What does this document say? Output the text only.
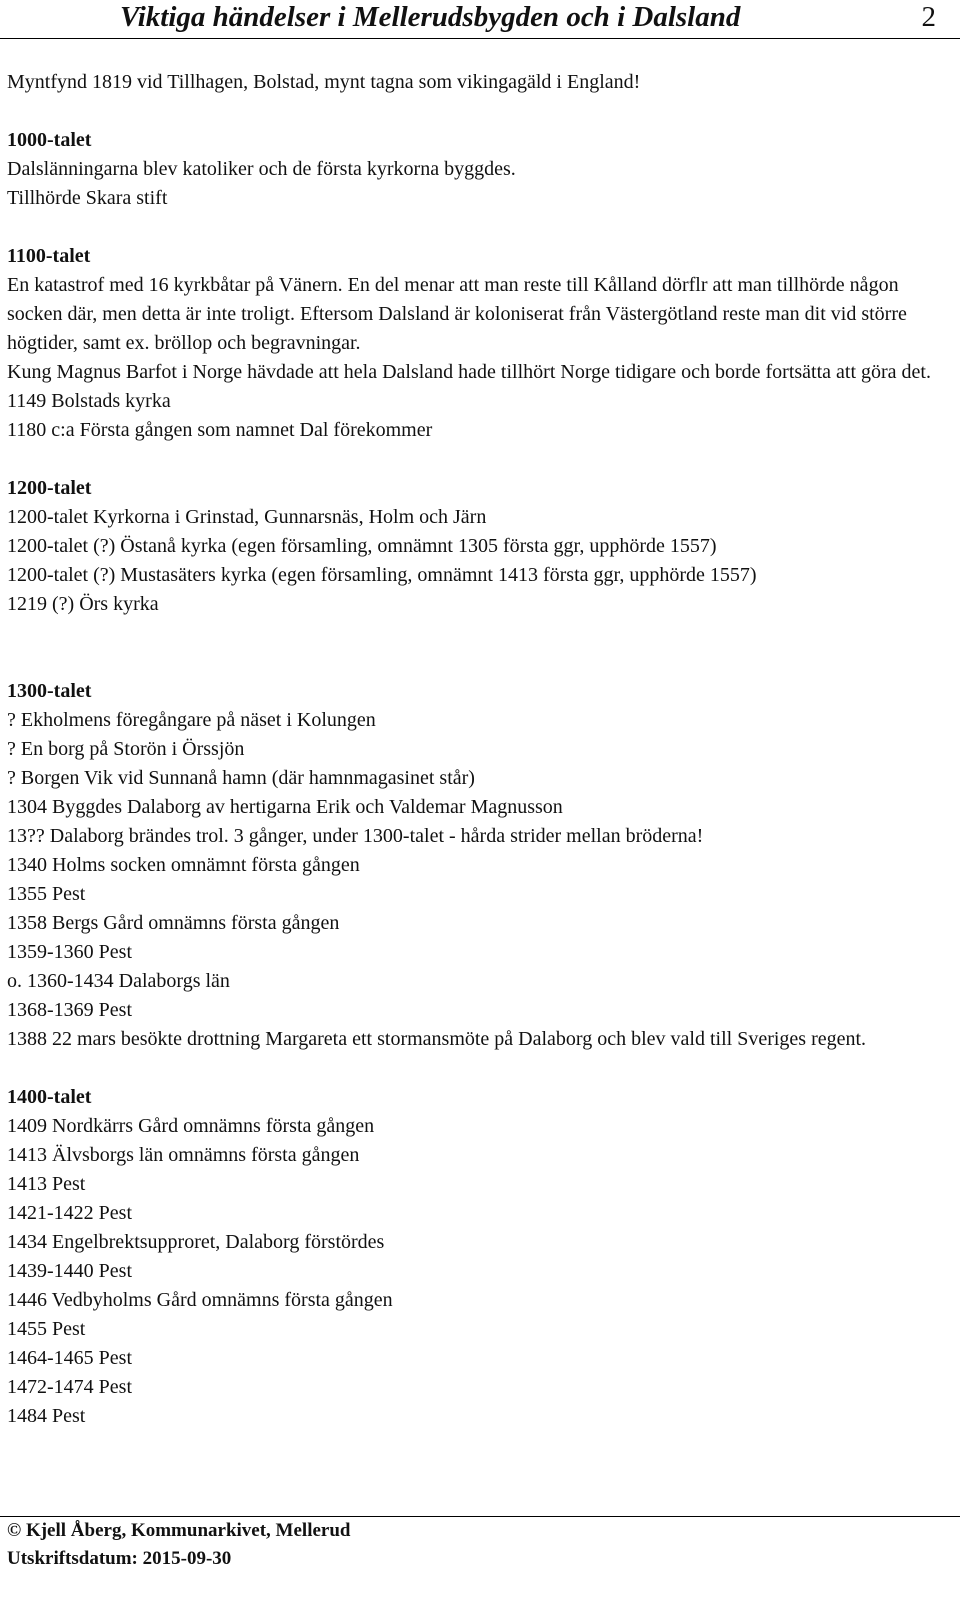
Viktiga händelser i Mellerudsbygden och i Dalsland	2
Myntfynd 1819 vid Tillhagen, Bolstad, mynt tagna som vikingagäld i England!
1000-talet
Dalslänningarna blev katoliker och de första kyrkorna byggdes.
Tillhörde Skara stift
1100-talet
En katastrof med 16 kyrkbåtar på Vänern. En del menar att man reste till Kålland dörflr att man tillhörde någon socken där, men detta är inte troligt. Eftersom Dalsland är koloniserat från Västergötland reste man dit vid större högtider, samt ex. bröllop och begravningar.
Kung Magnus Barfot i Norge hävdade att hela Dalsland hade tillhört Norge tidigare och borde fortsätta att göra det.
1149 Bolstads kyrka
1180 c:a Första gången som namnet Dal förekommer
1200-talet
1200-talet Kyrkorna i Grinstad, Gunnarsnäs, Holm och Järn
1200-talet (?) Östanå kyrka (egen församling, omnämnt 1305 första ggr, upphörde 1557)
1200-talet (?) Mustasäters kyrka (egen församling, omnämnt 1413 första ggr, upphörde 1557)
1219 (?) Örs kyrka
1300-talet
? Ekholmens föregångare på näset i Kolungen
? En borg på Storön i Örssjön
? Borgen Vik vid Sunnanå hamn (där hamnmagasinet står)
1304 Byggdes Dalaborg av hertigarna Erik och Valdemar Magnusson
13?? Dalaborg brändes trol. 3 gånger, under 1300-talet - hårda strider mellan bröderna!
1340 Holms socken omnämnt första gången
1355 Pest
1358 Bergs Gård omnämns första gången
1359-1360 Pest
o. 1360-1434 Dalaborgs län
1368-1369 Pest
1388 22 mars besökte drottning Margareta ett stormansmöte på Dalaborg och blev vald till Sveriges regent.
1400-talet
1409 Nordkärrs Gård omnämns första gången
1413 Älvsborgs län omnämns första gången
1413 Pest
1421-1422 Pest
1434 Engelbrektsupproret, Dalaborg förstördes
1439-1440 Pest
1446 Vedbyholms Gård omnämns första gången
1455 Pest
1464-1465 Pest
1472-1474 Pest
1484 Pest
© Kjell Åberg, Kommunarkivet, Mellerud
Utskriftsdatum: 2015-09-30
